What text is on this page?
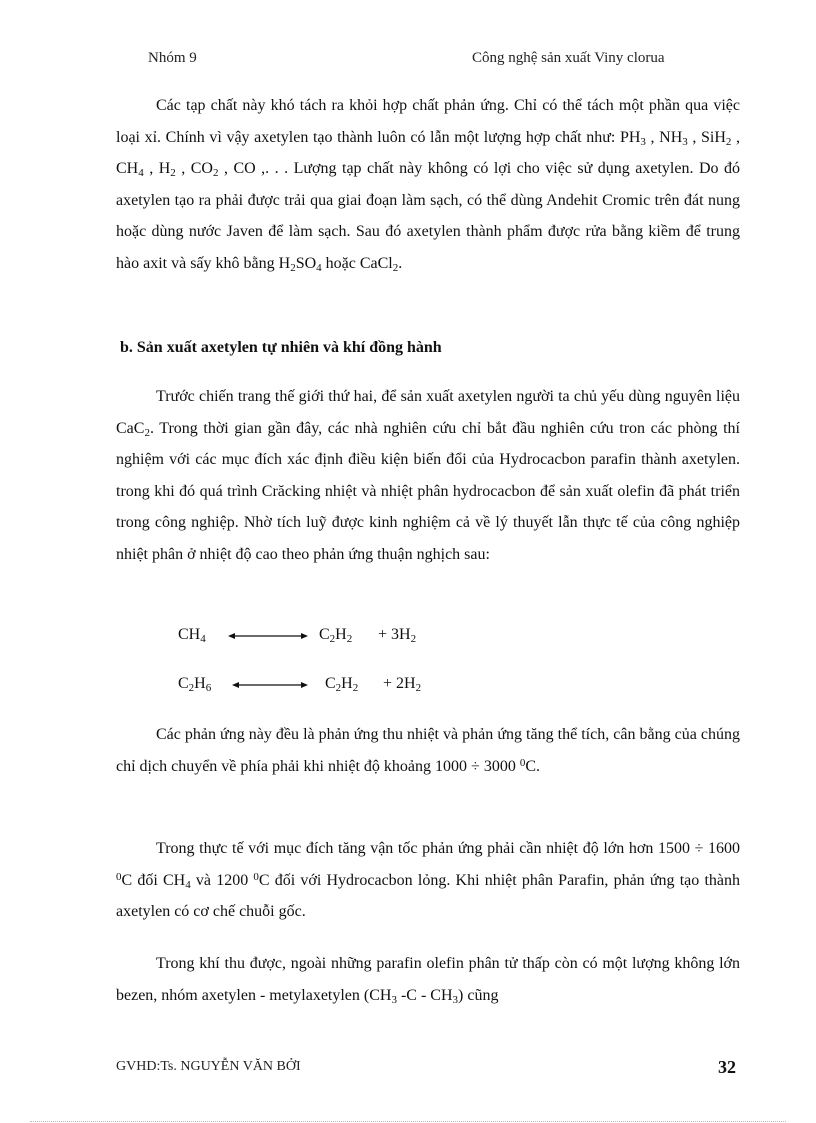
Nhóm 9	Công nghệ sản xuất Viny clorua
Các tạp chất này khó tách ra khỏi hợp chất phản ứng. Chỉ có thể tách một phần qua việc loại xỉ. Chính vì vậy axetylen tạo thành luôn có lẫn một lượng hợp chất như: $PH_3$ , $NH_3$ , SiH$_2$ , $CH_4$ , $H_2$ , $CO_2$ , CO ,. . . Lượng tạp chất này không có lợi cho việc sử dụng axetylen. Do đó axetylen tạo ra phải được trải qua giai đoạn làm sạch, có thể dùng Andehit Cromic trên đát nung hoặc dùng nước Javen để làm sạch. Sau đó axetylen thành phẩm được rửa bằng kiềm để trung hào axit và sấy khô bằng $H_2SO_4$ hoặc CaCl$_2$.
b. Sản xuất axetylen tự nhiên và khí đồng hành
Trước chiến trang thế giới thứ hai, để sản xuất axetylen người ta chủ yếu dùng nguyên liệu CaC$_2$. Trong thời gian gần đây, các nhà nghiên cứu chỉ bắt đầu nghiên cứu tron các phòng thí nghiệm với các mục đích xác định điều kiện biến đổi của Hydrocacbon parafin thành axetylen. trong khi đó quá trình Crăcking nhiệt và nhiệt phân hydrocacbon để sản xuất olefin đã phát triển trong công nghiệp. Nhờ tích luỹ được kinh nghiệm cả về lý thuyết lẫn thực tế của công nghiệp nhiệt phân ở nhiệt độ cao theo phản ứng thuận nghịch sau:
$CH_4$	$C_2H_2 + 3H_2$
$C_2H_6$	$C_2H_2 + 2H_2$
Các phản ứng này đều là phản ứng thu nhiệt và phản ứng tăng thể tích, cân bằng của chúng chỉ dịch chuyển về phía phải khi nhiệt độ khoảng 1000 ÷ 3000 $^0$C.
Trong thực tế với mục đích tăng vận tốc phản ứng phải cần nhiệt độ lớn hơn 1500 ÷ 1600 $^0$C đối $CH_4$ và 1200 $^0$C đối với Hydrocacbon lỏng. Khi nhiệt phân Parafin, phản ứng tạo thành axetylen có cơ chế chuỗi gốc.
Trong khí thu được, ngoài những parafin olefin phân tử thấp còn có một lượng không lớn bezen, nhóm axetylen - metylaxetylen ($CH_3$ $-C - CH_3$) cũng
GVHD:Ts. NGUYỄN VĂN BỞI	32
